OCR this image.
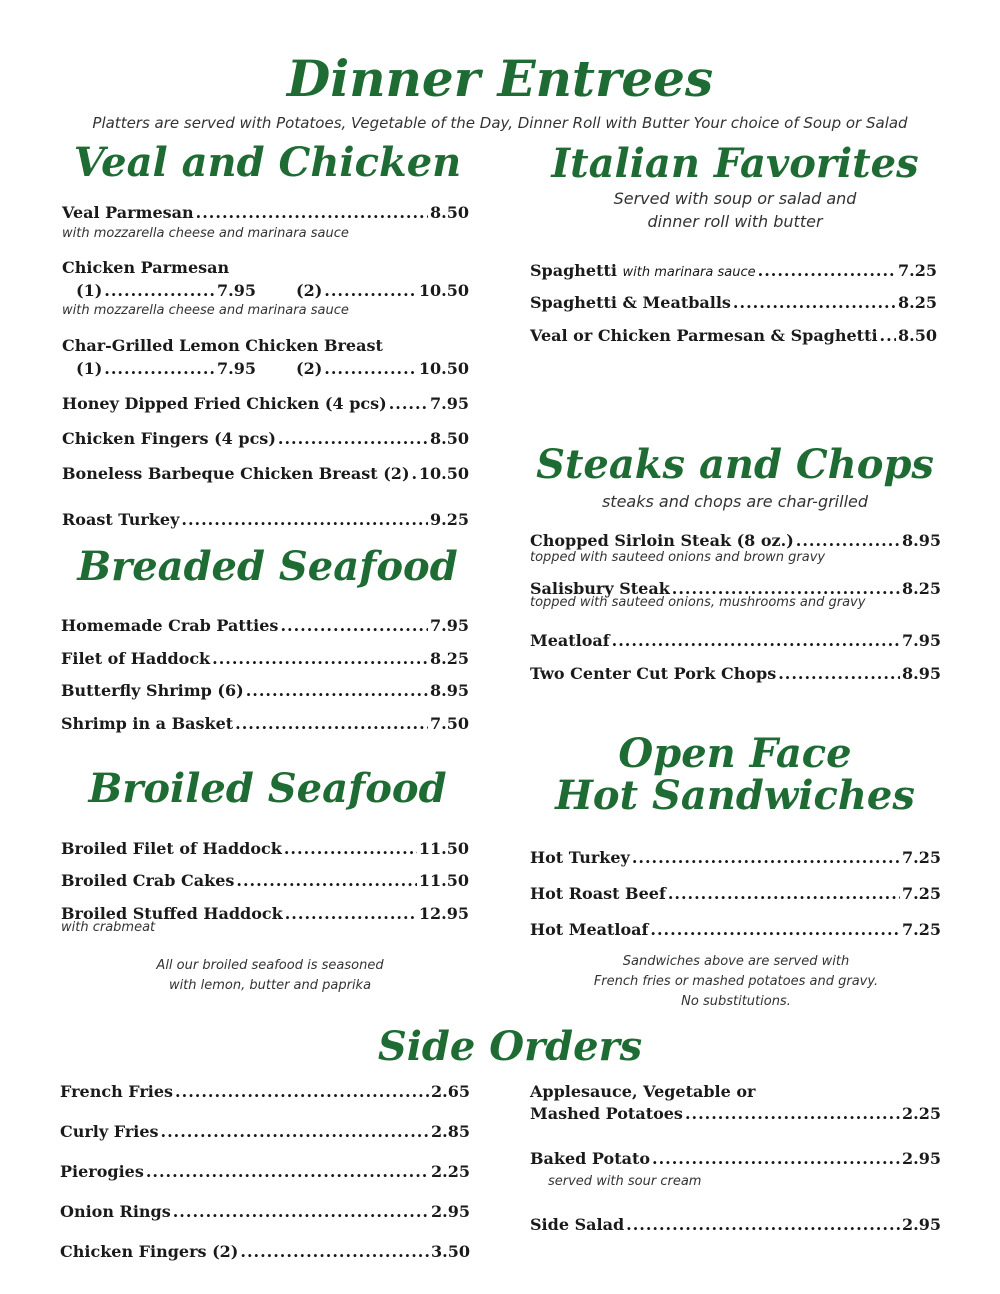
Dinner Entrees
Platters are served with Potatoes, Vegetable of the Day, Dinner Roll with Butter Your choice of Soup or Salad
Veal and Chicken
Veal Parmesan .....	8.50
with mozzarella cheese and marinara sauce
Chicken Parmesan
(1) .....	7.95	(2) .....	10.50
with mozzarella cheese and marinara sauce
Char-Grilled Lemon Chicken Breast
(1) .....	7.95	(2) .....	10.50
Honey Dipped Fried Chicken (4 pcs) .....	7.95
Chicken Fingers (4 pcs) .....	8.50
Boneless Barbeque Chicken Breast (2) ..... 10.50
Roast Turkey .....	9.25
Breaded Seafood
Homemade Crab Patties .....	7.95
Filet of Haddock .....	8.25
Butterfly Shrimp (6) .....	8.95
Shrimp in a Basket .....	7.50
Broiled Seafood
Broiled Filet of Haddock .....	11.50
Broiled Crab Cakes .....	11.50
Broiled Stuffed Haddock .....	12.95
with crabmeat
All our broiled seafood is seasoned
with lemon, butter and paprika
Italian Favorites
Served with soup or salad and
dinner roll with butter
Spaghetti with marinara sauce .....	7.25
Spaghetti & Meatballs .....	8.25
Veal or Chicken Parmesan & Spaghetti ..... 8.50
Steaks and Chops
steaks and chops are char-grilled
Chopped Sirloin Steak (8 oz.) .....	8.95
topped with sauteed onions and brown gravy
Salisbury Steak .....	8.25
topped with sauteed onions, mushrooms and gravy
Meatloaf .....	7.95
Two Center Cut Pork Chops .....	8.95
Open Face
Hot Sandwiches
Hot Turkey .....	7.25
Hot Roast Beef .....	7.25
Hot Meatloaf .....	7.25
Sandwiches above are served with
French fries or mashed potatoes and gravy.
No substitutions.
Side Orders
French Fries .....	2.65
Curly Fries .....	2.85
Pierogies .....	2.25
Onion Rings .....	2.95
Chicken Fingers (2) .....	3.50
Applesauce, Vegetable or
Mashed Potatoes .....	2.25
Baked Potato .....	2.95
served with sour cream
Side Salad .....	2.95
